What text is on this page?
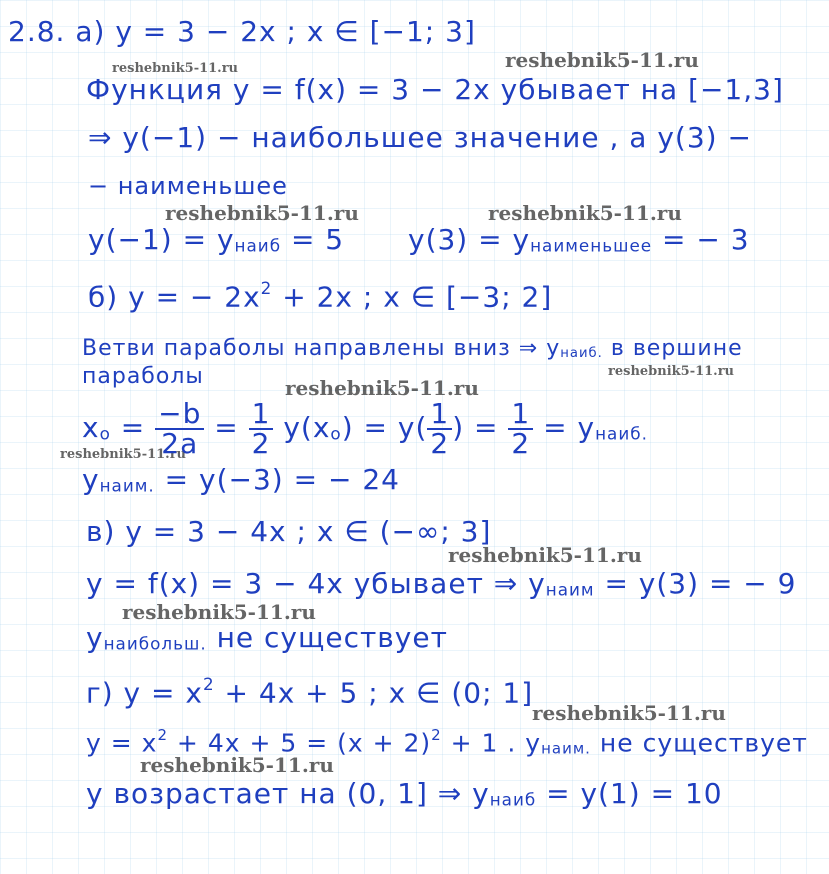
reshebnik5-11.ru
reshebnik5-11.ru
reshebnik5-11.ru	reshebnik5-11.ru
reshebnik5-11.ru
reshebnik5-11.ru
reshebnik5-11.ru
reshebnik5-11.ru
reshebnik5-11.ru
reshebnik5-11.ru
reshebnik5-11.ru
2.8. а) y = 3 − 2x ; x ∈ [−1; 3]
Функция y = f(x) = 3 − 2x убывает на [−1,3]
⇒ y(−1) − наибольшее значение , а y(3) −
− наименьшее
y(−1) = yнаиб = 5 y(3) = yнаименьшее = − 3
б) y = − $2x^2 + 2x$ ; x ∈ [−3; 2]
Ветви параболы направлены вниз ⇒ yнаиб. в вершине
параболы
xo = $\frac{-b}{2a} = \frac{1}{2} y(xo) = y( \frac{1}{2}$ ) = $\frac{1}{2}$ = yнаиб.
yнаим. = y(−3) = − 24
в) y = 3 − 4x ; x ∈ (−∞; 3]
y = f(x) = 3 − 4x убывает ⇒ yнаим = y(3) = − 9
yнаибольш. не существует
г) $y = x^2 + 4x + 5$ ; x ∈ (0; 1]
$y = x^2 + 4x + 5 = (x + 2)^2 + 1$ . yнаим. не существует
y возрастает на (0, 1] ⇒ yнаиб = y(1) = 10
